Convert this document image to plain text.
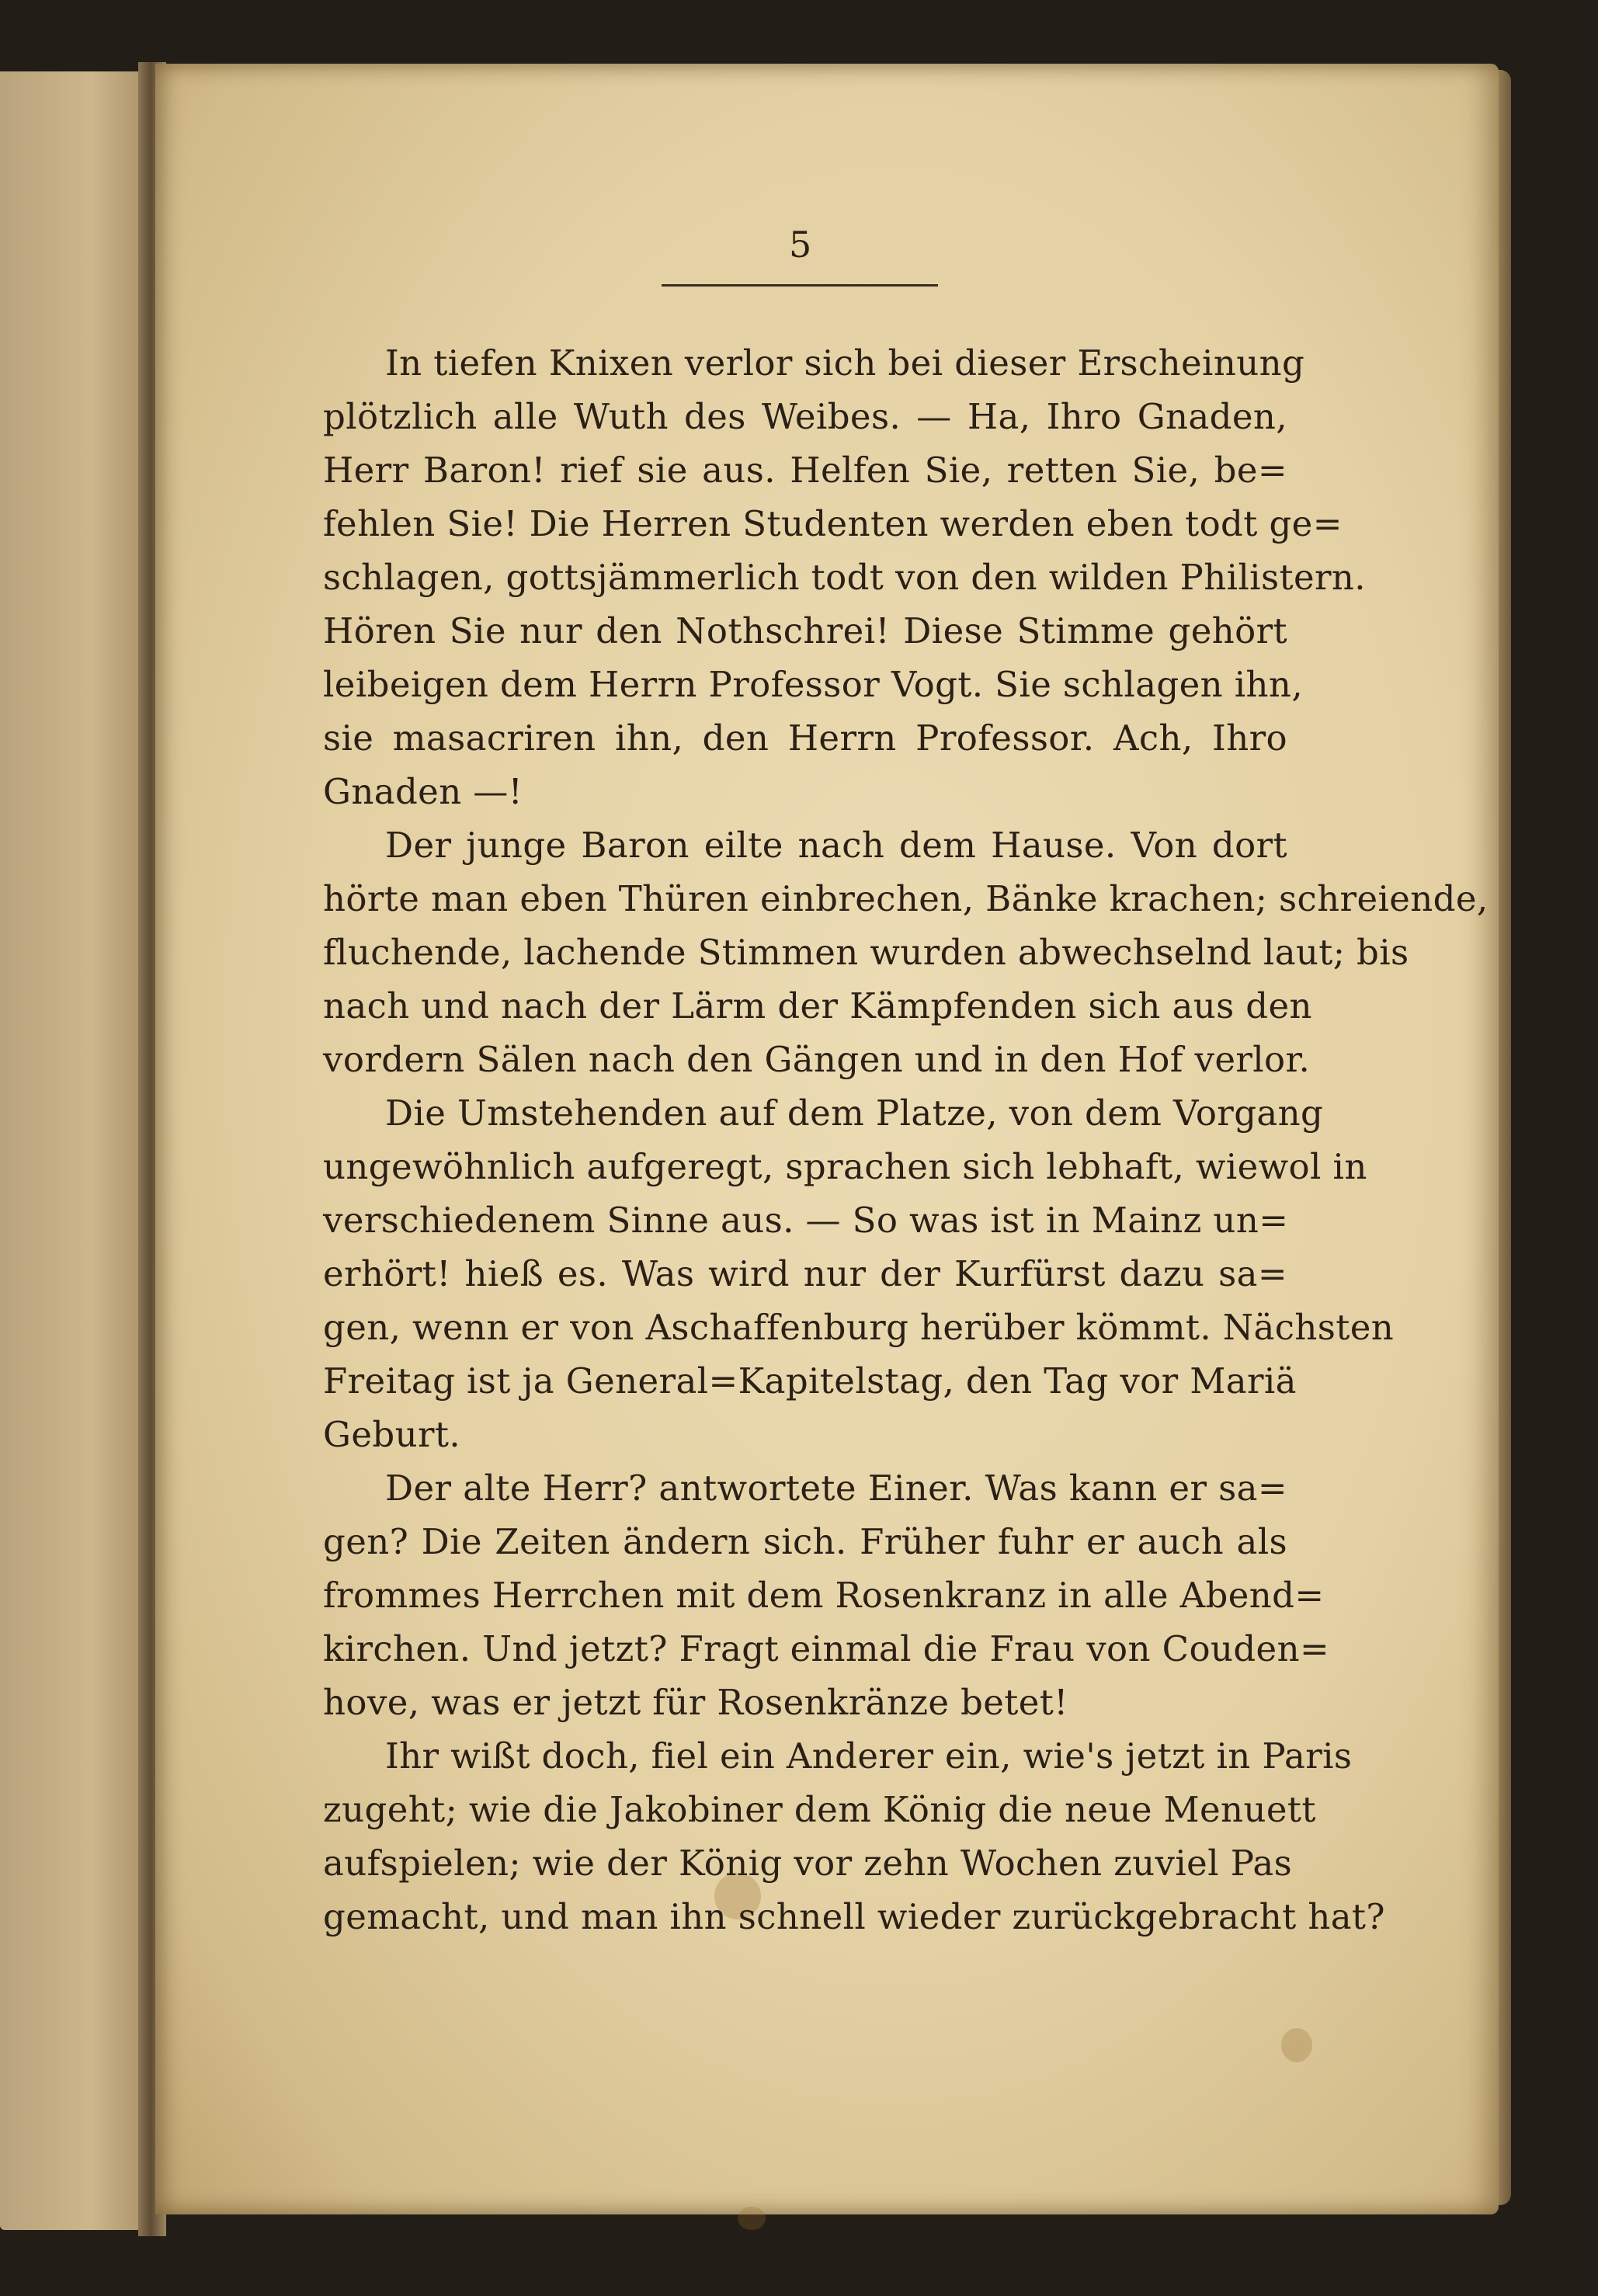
5
In tiefen Knixen verlor sich bei dieser Erscheinung
plötzlich alle Wuth des Weibes. — Ha, Ihro Gnaden,
Herr Baron! rief sie aus. Helfen Sie, retten Sie, be=
fehlen Sie! Die Herren Studenten werden eben todt ge=
schlagen, gottsjämmerlich todt von den wilden Philistern.
Hören Sie nur den Nothschrei! Diese Stimme gehört
leibeigen dem Herrn Professor Vogt. Sie schlagen ihn,
sie masacriren ihn, den Herrn Professor. Ach, Ihro
Gnaden —!
Der junge Baron eilte nach dem Hause. Von dort
hörte man eben Thüren einbrechen, Bänke krachen; schreiende,
fluchende, lachende Stimmen wurden abwechselnd laut; bis
nach und nach der Lärm der Kämpfenden sich aus den
vordern Sälen nach den Gängen und in den Hof verlor.
Die Umstehenden auf dem Platze, von dem Vorgang
ungewöhnlich aufgeregt, sprachen sich lebhaft, wiewol in
verschiedenem Sinne aus. — So was ist in Mainz un=
erhört! hieß es. Was wird nur der Kurfürst dazu sa=
gen, wenn er von Aschaffenburg herüber kömmt. Nächsten
Freitag ist ja General=Kapitelstag, den Tag vor Mariä
Geburt.
Der alte Herr? antwortete Einer. Was kann er sa=
gen? Die Zeiten ändern sich. Früher fuhr er auch als
frommes Herrchen mit dem Rosenkranz in alle Abend=
kirchen. Und jetzt? Fragt einmal die Frau von Couden=
hove, was er jetzt für Rosenkränze betet!
Ihr wißt doch, fiel ein Anderer ein, wie's jetzt in Paris
zugeht; wie die Jakobiner dem König die neue Menuett
aufspielen; wie der König vor zehn Wochen zuviel Pas
gemacht, und man ihn schnell wieder zurückgebracht hat?
